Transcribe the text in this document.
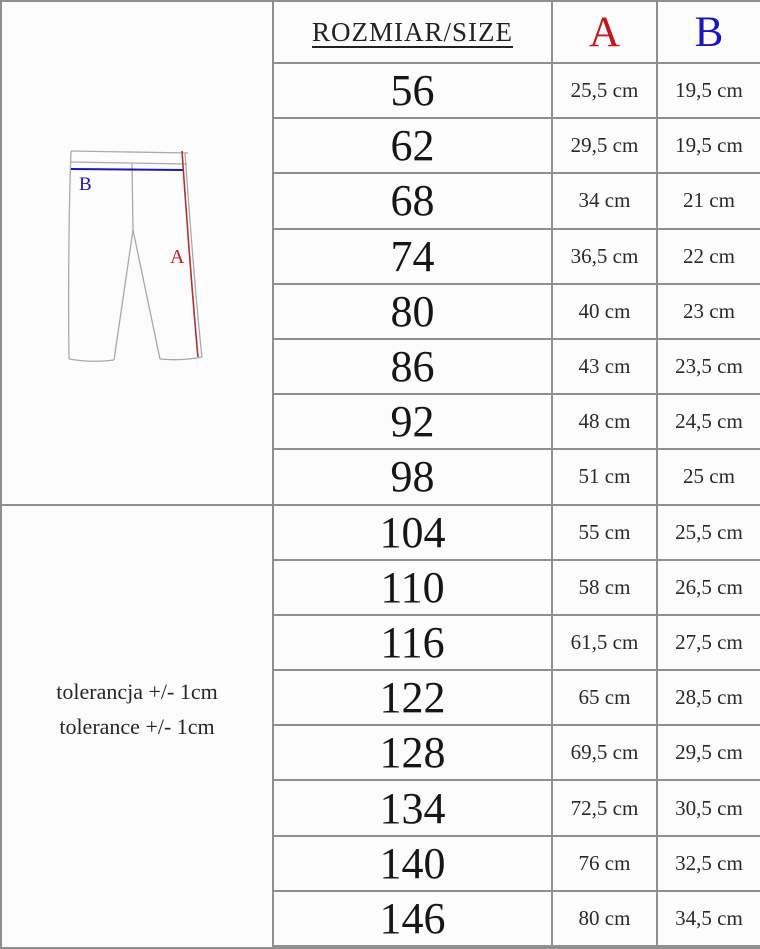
B
A
tolerancja +/- 1cm
tolerance +/- 1cm
ROZMIAR/SIZE	A	B
56	25,5 cm	19,5 cm
62	29,5 cm	19,5 cm
68	34 cm	21 cm
74	36,5 cm	22 cm
80	40 cm	23 cm
86	43 cm	23,5 cm
92	48 cm	24,5 cm
98	51 cm	25 cm
104	55 cm	25,5 cm
110	58 cm	26,5 cm
116	61,5 cm	27,5 cm
122	65 cm	28,5 cm
128	69,5 cm	29,5 cm
134	72,5 cm	30,5 cm
140	76 cm	32,5 cm
146	80 cm	34,5 cm
